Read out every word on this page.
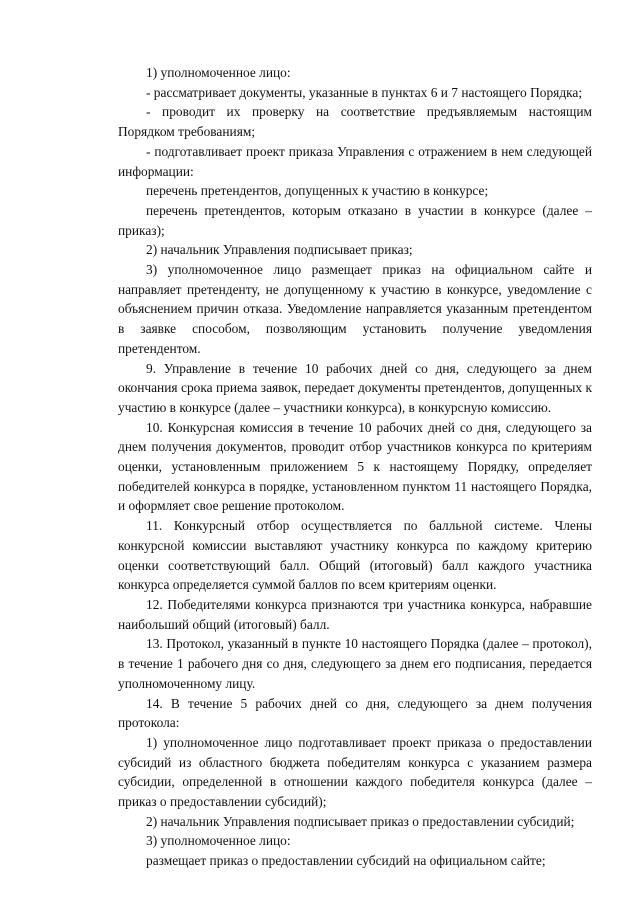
1) уполномоченное лицо:

- рассматривает документы, указанные в пунктах 6 и 7 настоящего Порядка;

- проводит их проверку на соответствие предъявляемым настоящим Порядком требованиям;

- подготавливает проект приказа Управления с отражением в нем следующей информации:

перечень претендентов, допущенных к участию в конкурсе;

перечень претендентов, которым отказано в участии в конкурсе (далее – приказ);

2) начальник Управления подписывает приказ;

3) уполномоченное лицо размещает приказ на официальном сайте и направляет претенденту, не допущенному к участию в конкурсе, уведомление с объяснением причин отказа. Уведомление направляется указанным претендентом в заявке способом, позволяющим установить получение уведомления претендентом.

9. Управление в течение 10 рабочих дней со дня, следующего за днем окончания срока приема заявок, передает документы претендентов, допущенных к участию в конкурсе (далее – участники конкурса), в конкурсную комиссию.

10. Конкурсная комиссия в течение 10 рабочих дней со дня, следующего за днем получения документов, проводит отбор участников конкурса по критериям оценки, установленным приложением 5 к настоящему Порядку, определяет победителей конкурса в порядке, установленном пунктом 11 настоящего Порядка, и оформляет свое решение протоколом.

11. Конкурсный отбор осуществляется по балльной системе. Члены конкурсной комиссии выставляют участнику конкурса по каждому критерию оценки соответствующий балл. Общий (итоговый) балл каждого участника конкурса определяется суммой баллов по всем критериям оценки.

12. Победителями конкурса признаются три участника конкурса, набравшие наибольший общий (итоговый) балл.

13. Протокол, указанный в пункте 10 настоящего Порядка (далее – протокол), в течение 1 рабочего дня со дня, следующего за днем его подписания, передается уполномоченному лицу.

14. В течение 5 рабочих дней со дня, следующего за днем получения протокола:

1) уполномоченное лицо подготавливает проект приказа о предоставлении субсидий из областного бюджета победителям конкурса с указанием размера субсидии, определенной в отношении каждого победителя конкурса (далее – приказ о предоставлении субсидий);

2) начальник Управления подписывает приказ о предоставлении субсидий;

3) уполномоченное лицо:

размещает приказ о предоставлении субсидий на официальном сайте;
